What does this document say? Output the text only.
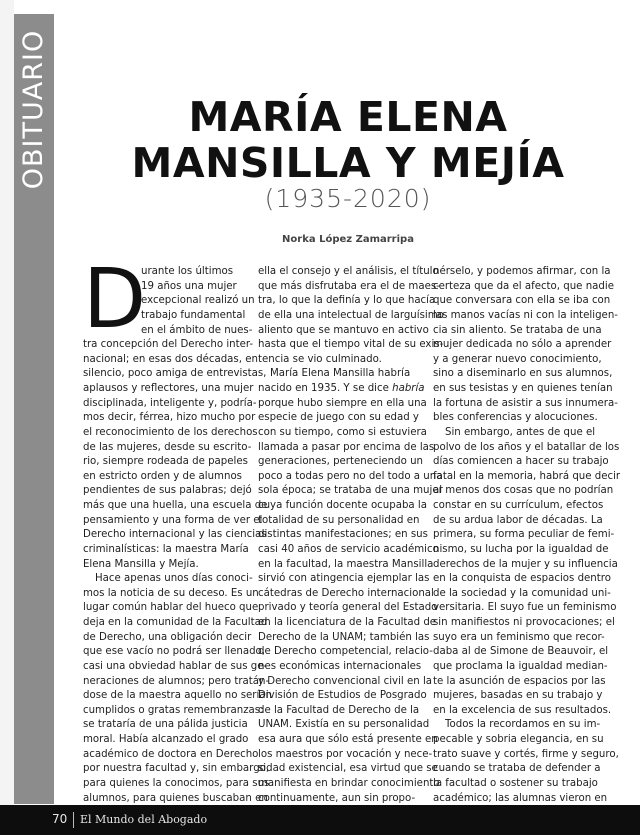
OBITUARIO	MARÍA ELENA
MANSILLA Y MEJÍA
(1935-2020)
Norka López Zamarripa
D

urante los últimos

19 años una mujer

excepcional realizó un

trabajo fundamental

en el ámbito de nues-

tra concepción del Derecho inter-

nacional; en esas dos décadas, en

silencio, poco amiga de entrevistas,

aplausos y reflectores, una mujer

disciplinada, inteligente y, podría-

mos decir, férrea, hizo mucho por

el reconocimiento de los derechos

de las mujeres, desde su escrito-

rio, siempre rodeada de papeles

en estricto orden y de alumnos

pendientes de sus palabras; dejó

más que una huella, una escuela de

pensamiento y una forma de ver el

Derecho internacional y las ciencias

criminalísticas: la maestra María

Elena Mansilla y Mejía.

Hace apenas unos días conoci-

mos la noticia de su deceso. Es un

lugar común hablar del hueco que

deja en la comunidad de la Facultad

de Derecho, una obligación decir

que ese vacío no podrá ser llenado,

casi una obviedad hablar de sus ge-

neraciones de alumnos; pero tratán-

dose de la maestra aquello no serían

cumplidos o gratas remembranzas:

se trataría de una pálida justicia

moral. Había alcanzado el grado

académico de doctora en Derecho

por nuestra facultad y, sin embargo,

para quienes la conocimos, para sus

alumnos, para quienes buscaban en

ella el consejo y el análisis, el título

que más disfrutaba era el de maes-

tra, lo que la definía y lo que hacía

de ella una intelectual de larguísimo

aliento que se mantuvo en activo

hasta que el tiempo vital de su exis-

tencia se vio culminado.

María Elena Mansilla habría

nacido en 1935. Y se dice habría

porque hubo siempre en ella una

especie de juego con su edad y

con su tiempo, como si estuviera

llamada a pasar por encima de las

generaciones, perteneciendo un

poco a todas pero no del todo a una

sola época; se trataba de una mujer

cuya función docente ocupaba la

totalidad de su personalidad en

distintas manifestaciones; en sus

casi 40 años de servicio académico

en la facultad, la maestra Mansilla

sirvió con atingencia ejemplar las

cátedras de Derecho internacional

privado y teoría general del Estado

en la licenciatura de la Facultad de

Derecho de la UNAM; también las

de Derecho competencial, relacio-

nes económicas internacionales

y Derecho convencional civil en la

División de Estudios de Posgrado

de la Facultad de Derecho de la

UNAM. Existía en su personalidad

esa aura que sólo está presente en

los maestros por vocación y nece-

sidad existencial, esa virtud que se

manifiesta en brindar conocimiento

continuamente, aun sin propo-

nérselo, y podemos afirmar, con la

certeza que da el afecto, que nadie

que conversara con ella se iba con

las manos vacías ni con la inteligen-

cia sin aliento. Se trataba de una

mujer dedicada no sólo a aprender

y a generar nuevo conocimiento,

sino a diseminarlo en sus alumnos,

en sus tesistas y en quienes tenían

la fortuna de asistir a sus innumera-

bles conferencias y alocuciones.

Sin embargo, antes de que el

polvo de los años y el batallar de los

días comiencen a hacer su trabajo

fatal en la memoria, habrá que decir

al menos dos cosas que no podrían

constar en su currículum, efectos

de su ardua labor de décadas. La

primera, su forma peculiar de femi-

nismo, su lucha por la igualdad de

derechos de la mujer y su influencia

en la conquista de espacios dentro

de la sociedad y la comunidad uni-

versitaria. El suyo fue un feminismo

sin manifiestos ni provocaciones; el

suyo era un feminismo que recor-

daba al de Simone de Beauvoir, el

que proclama la igualdad median-

te la asunción de espacios por las

mujeres, basadas en su trabajo y

en la excelencia de sus resultados.

Todos la recordamos en su im-

pecable y sobria elegancia, en su

trato suave y cortés, firme y seguro,

cuando se trataba de defender a

la facultad o sostener su trabajo

académico; las alumnas vieron en

70 El Mundo del Abogado
